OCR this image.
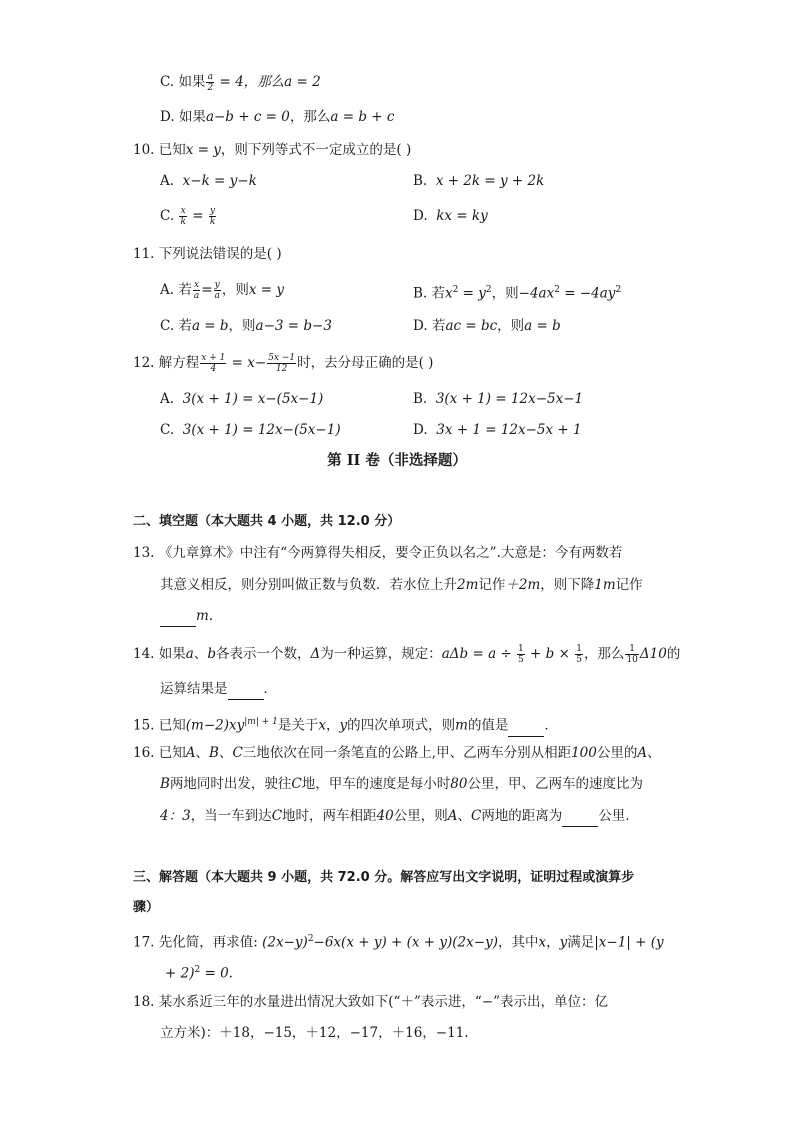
C. 如果 $\frac{a}{2} = 4$，那么a = 2
D. 如果a−b + c = 0，那么a = b + c
10. 已知x = y，则下列等式不一定成立的是( )
A. x−k = y−k	B. x + 2k = y + 2k
C. $\frac{x}{k} = \frac{y}{k}$	D. kx = ky
11. 下列说法错误的是( )
A. 若 $\frac{x}{a} = \frac{y}{a}$ ，则x = y	B. 若$x^2 = y^2$，则$-4ax^2 = -4ay^2$
C. 若a = b，则a−3 = b−3	D. 若ac = bc，则a = b
12. 解方程 $\frac{x + 1}{4} = x- \frac{5x -1}{12}$ 时，去分母正确的是( )
A. 3(x + 1) = x−(5x−1)	B. 3(x + 1) = 12x−5x−1
C. 3(x + 1) = 12x−(5x−1)	D. 3x + 1 = 12x−5x + 1
第 II 卷（非选择题）
二、填空题（本大题共 4 小题，共 12.0 分）
13. 《九章算术》中注有“今两算得失相反，要令正负以名之”.大意是：今有两数若
其意义相反，则分别叫做正数与负数．若水位上升2m记作＋2m，则下降1m记作
m.
14. 如果a、b各表示一个数，Δ为一种运算，规定：$a\Delta b = a \div \frac{1}{5} + b \times \frac{1}{5}$ ，那么 $\frac{1}{10} \Delta 10$的
运算结果是	．
15. 已知$(m-2)xy^{|m| + 1}$是关于x，y的四次单项式，则m的值是	．
16. 已知A、B、C三地依次在同一条笔直的公路上,甲、乙两车分别从相距100公里的A、
B两地同时出发，驶往C地，甲车的速度是每小时80公里，甲、乙两车的速度比为
4：3，当一车到达C地时，两车相距40公里，则A、C两地的距离为	公里．
三、解答题（本大题共 9 小题，共 72.0 分。解答应写出文字说明，证明过程或演算步
骤）
17. 先化简，再求值: $(2x-y)^2-6x(x + y) + (x + y)(2x-y)$，其中x，y满足|x−1| + (y
+ 2)$^2$ = 0.
18. 某水系近三年的水量进出情况大致如下(“＋”表示进，“−”表示出，单位：亿
立方米)：＋18，−15，＋12，−17，＋16，−11.
